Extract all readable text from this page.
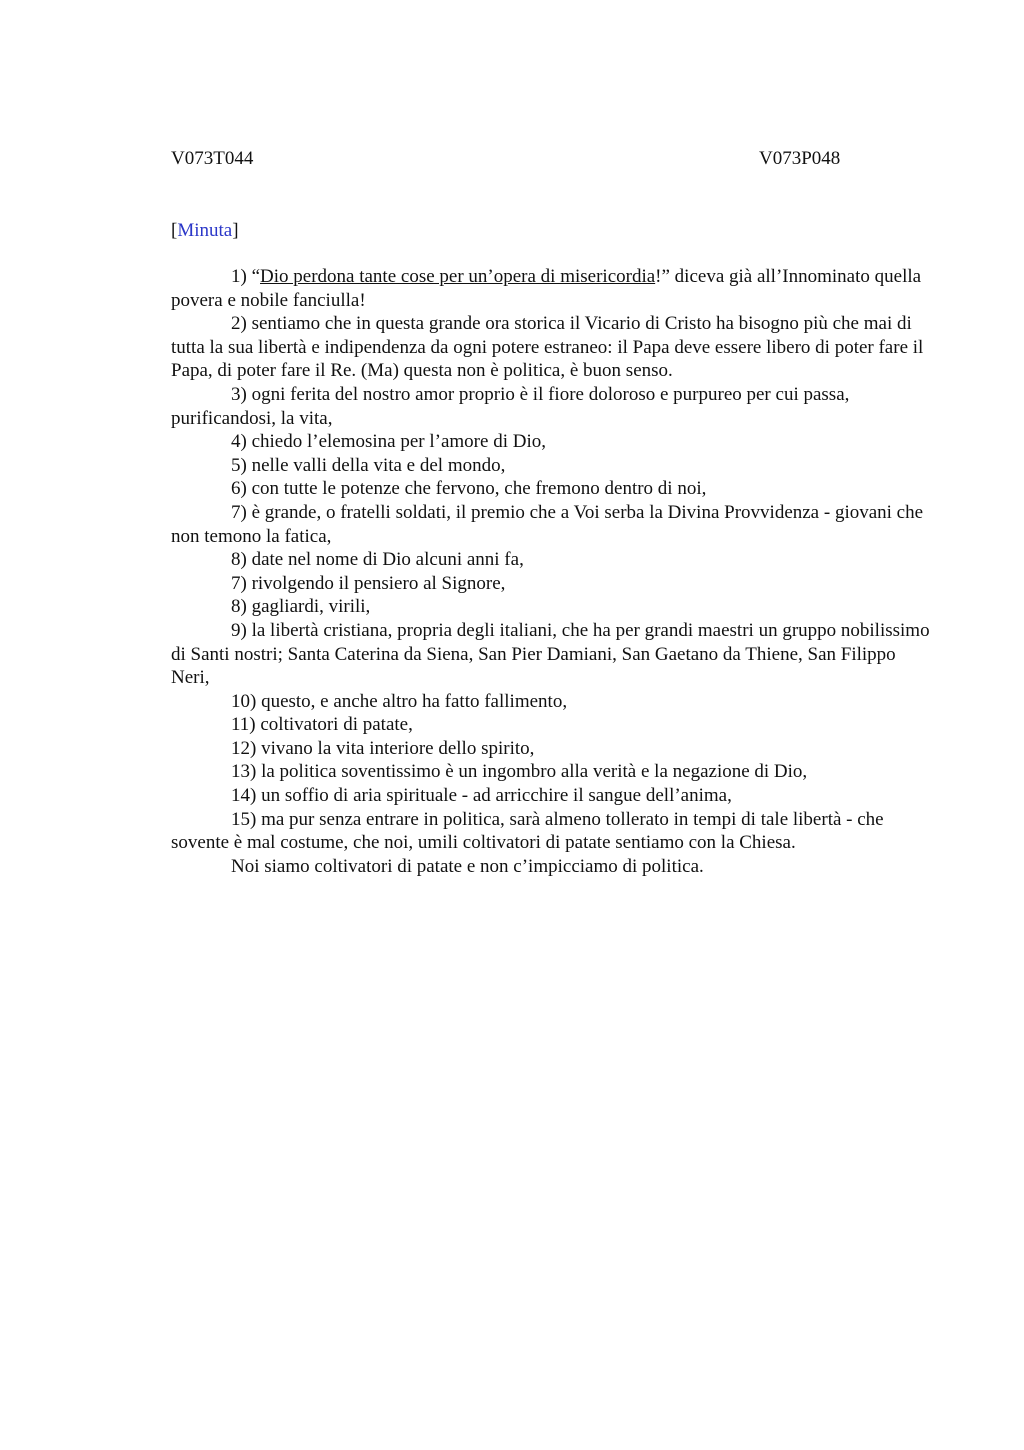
V073T044	V073P048
[Minuta]

1) “Dio perdona tante cose per un’opera di misericordia!” diceva già all’Innominato quella povera e nobile fanciulla!

2) sentiamo che in questa grande ora storica il Vicario di Cristo ha bisogno più che mai di tutta la sua libertà e indipendenza da ogni potere estraneo: il Papa deve essere libero di poter fare il Papa, di poter fare il Re. (Ma) questa non è politica, è buon senso.

3) ogni ferita del nostro amor proprio è il fiore doloroso e purpureo per cui passa, purificandosi, la vita,

4) chiedo l’elemosina per l’amore di Dio,

5) nelle valli della vita e del mondo,

6) con tutte le potenze che fervono, che fremono dentro di noi,

7) è grande, o fratelli soldati, il premio che a Voi serba la Divina Provvidenza - giovani che non temono la fatica,

8) date nel nome di Dio alcuni anni fa,

7) rivolgendo il pensiero al Signore,

8) gagliardi, virili,

9) la libertà cristiana, propria degli italiani, che ha per grandi maestri un gruppo nobilissimo di Santi nostri; Santa Caterina da Siena, San Pier Damiani, San Gaetano da Thiene, San Filippo Neri,

10) questo, e anche altro ha fatto fallimento,

11) coltivatori di patate,

12) vivano la vita interiore dello spirito,

13) la politica soventissimo è un ingombro alla verità e la negazione di Dio,

14) un soffio di aria spirituale - ad arricchire il sangue dell’anima,

15) ma pur senza entrare in politica, sarà almeno tollerato in tempi di tale libertà - che sovente è mal costume, che noi, umili coltivatori di patate sentiamo con la Chiesa.

Noi siamo coltivatori di patate e non c’impicciamo di politica.
